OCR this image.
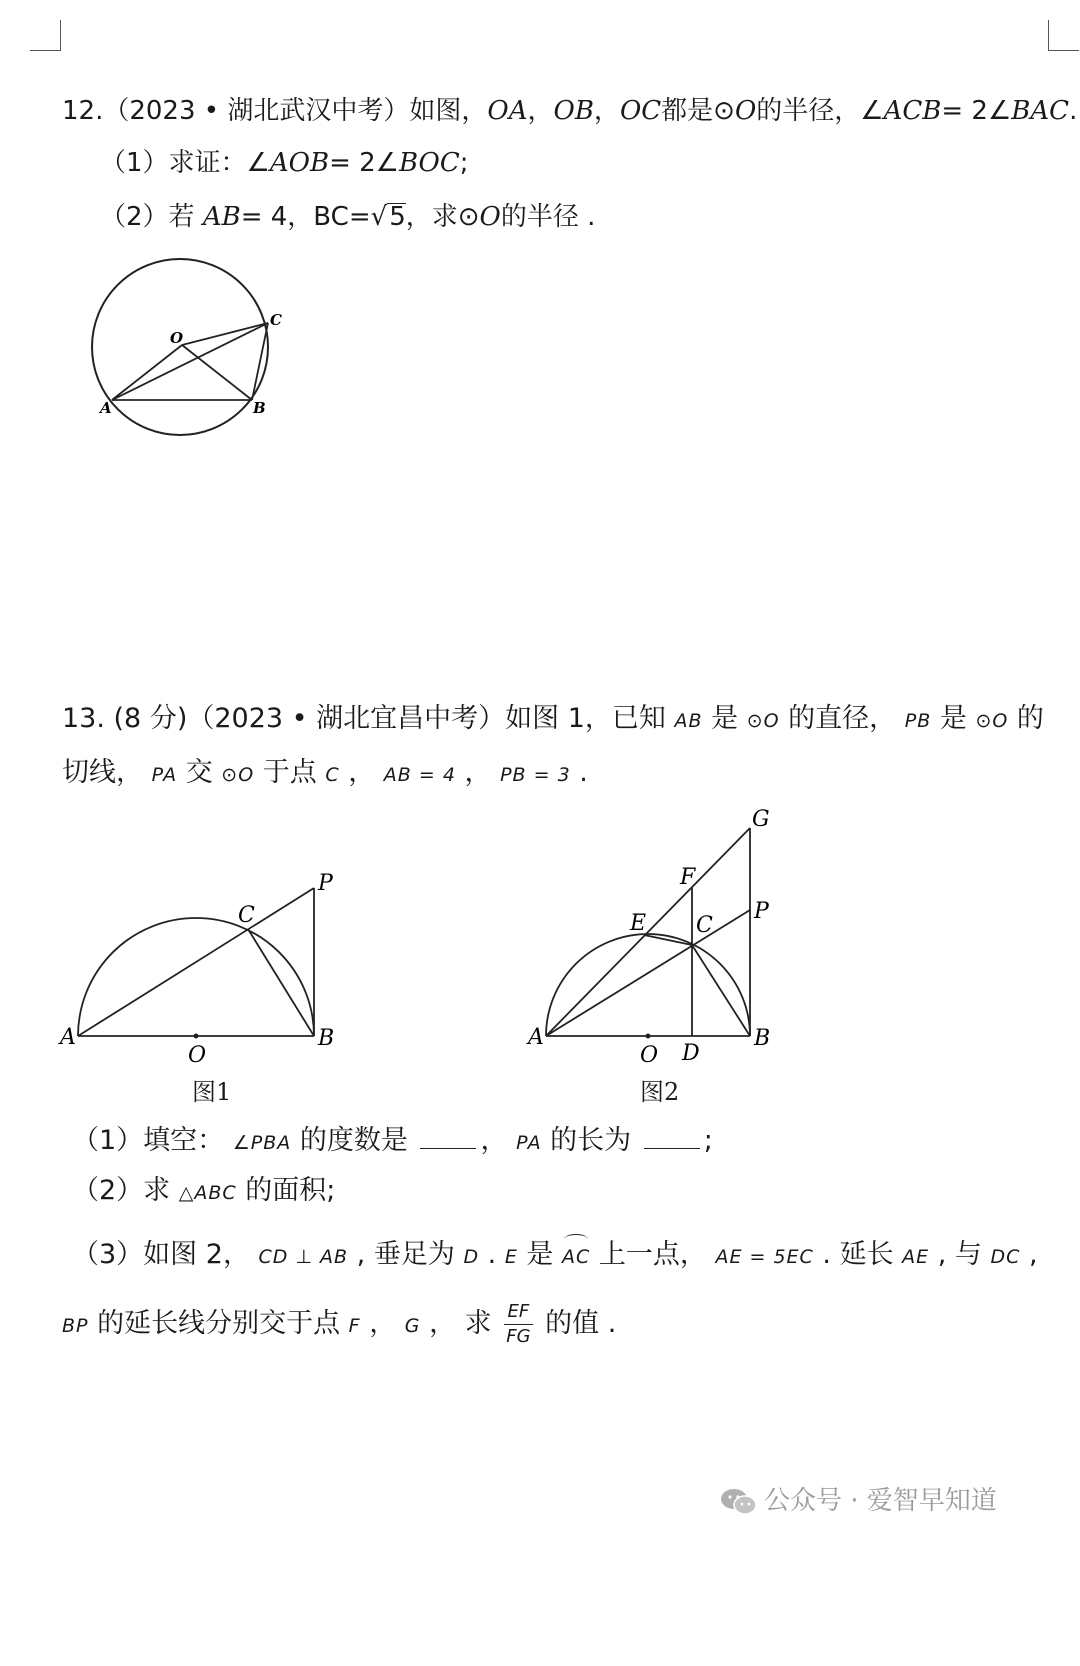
12.（2023 • 湖北武汉中考）如图，OA，OB，OC都是⊙O的半径，∠ACB= 2∠BAC.
（1）求证：∠AOB= 2∠BOC;
（2）若 AB= 4，BC=√5，求⊙O的半径 .
O
A	B
C
13. (8 分)（2023 • 湖北宜昌中考）如图 1，已知 AB 是 ⊙O 的直径， PB 是 ⊙O 的
切线， PA 交 ⊙O 于点 C ， AB = 4 ， PB = 3 .
A	B
C
P
O
图1
A	B
C
P
O D
E
F
G
图2
（1）填空： ∠PBA 的度数是 ， PA 的长为 ;
（2）求 △ABC 的面积;
（3）如图 2， CD ⊥ AB , 垂足为 D . E 是 AC 上一点， AE = 5EC . 延长 AE , 与 DC ,
BP 的延长线分别交于点 F ， G ， 求 $\frac{EF}{FG}$ 的值 .
公众号 · 爱智早知道
